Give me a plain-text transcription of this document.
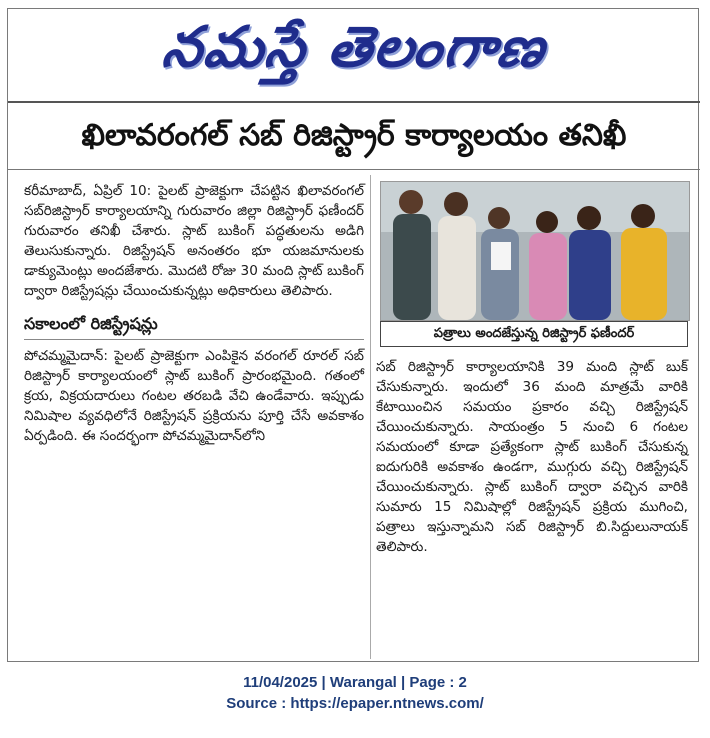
నమస్తే తెలంగాణ
ఖిలావరంగల్ సబ్ రిజిస్ట్రార్ కార్యాలయం తనిఖీ

కరీమాబాద్, ఏప్రిల్ 10: పైలట్ ప్రాజెక్టుగా చేపట్టిన ఖిలావరంగల్ సబ్‌రిజిస్ట్రార్ కార్యాలయాన్ని గురువారం జిల్లా రిజిస్ట్రార్ ఫణీందర్ గురువారం తనిఖీ చేశారు. స్లాట్ బుకింగ్ పద్ధతులను అడిగి తెలుసుకున్నారు. రిజిస్ట్రేషన్ అనంతరం భూ యజమానులకు డాక్యుమెంట్లు అందజేశారు. మొదటి రోజు 30 మంది స్లాట్ బుకింగ్ ద్వారా రిజిస్ట్రేషన్లు చేయించుకున్నట్లు అధికారులు తెలిపారు.

సకాలంలో రిజిస్ట్రేషన్లు

పోచమ్మమైదాన్: పైలట్ ప్రాజెక్టుగా ఎంపికైన వరంగల్ రూరల్ సబ్ రిజిస్ట్రార్ కార్యాలయంలో స్లాట్ బుకింగ్ ప్రారంభమైంది. గతంలో క్రయ, విక్రయదారులు గంటల తరబడి వేచి ఉండేవారు. ఇప్పుడు నిమిషాల వ్యవధిలోనే రిజిస్ట్రేషన్ ప్రక్రియను పూర్తి చేసే అవకాశం ఏర్పడింది. ఈ సందర్భంగా పోచమ్మమైదాన్‌లోని

పత్రాలు అందజేస్తున్న రిజిస్ట్రార్ ఫణీందర్

సబ్ రిజిస్ట్రార్ కార్యాలయానికి 39 మంది స్లాట్ బుక్ చేసుకున్నారు. ఇందులో 36 మంది మాత్రమే వారికి కేటాయించిన సమయం ప్రకారం వచ్చి రిజిస్ట్రేషన్ చేయించుకున్నారు. సాయంత్రం 5 నుంచి 6 గంటల సమయంలో కూడా ప్రత్యేకంగా స్లాట్ బుకింగ్ చేసుకున్న ఐదుగురికి అవకాశం ఉండగా, ముగ్గురు వచ్చి రిజిస్ట్రేషన్ చేయించుకున్నారు. స్లాట్ బుకింగ్ ద్వారా వచ్చిన వారికి సుమారు 15 నిమిషాల్లో రిజిస్ట్రేషన్ ప్రక్రియ ముగించి, పత్రాలు ఇస్తున్నామని సబ్ రిజిస్ట్రార్ బి.సిద్దులునాయక్ తెలిపారు.

11/04/2025 | Warangal | Page : 2
Source : https://epaper.ntnews.com/
